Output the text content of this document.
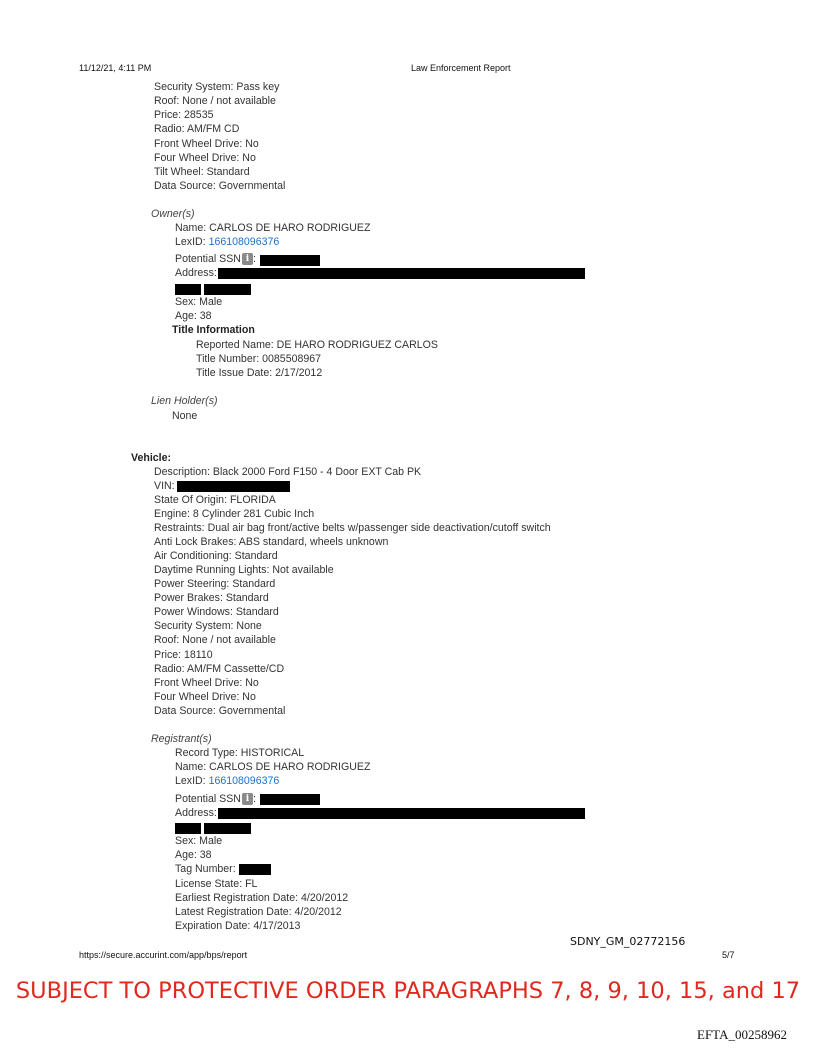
11/12/21, 4:11 PM	Law Enforcement Report
Security System: Pass key
Roof: None / not available
Price: 28535
Radio: AM/FM CD
Front Wheel Drive: No
Four Wheel Drive: No
Tilt Wheel: Standard
Data Source: Governmental
Owner(s)
Name: CARLOS DE HARO RODRIGUEZ
LexID: 166108096376
Potential SSN i :
Address:
Sex: Male
Age: 38
Title Information
Reported Name: DE HARO RODRIGUEZ CARLOS
Title Number: 0085508967
Title Issue Date: 2/17/2012
Lien Holder(s)
None
Vehicle:
Description: Black 2000 Ford F150 - 4 Door EXT Cab PK
VIN:
State Of Origin: FLORIDA
Engine: 8 Cylinder 281 Cubic Inch
Restraints: Dual air bag front/active belts w/passenger side deactivation/cutoff switch
Anti Lock Brakes: ABS standard, wheels unknown
Air Conditioning: Standard
Daytime Running Lights: Not available
Power Steering: Standard
Power Brakes: Standard
Power Windows: Standard
Security System: None
Roof: None / not available
Price: 18110
Radio: AM/FM Cassette/CD
Front Wheel Drive: No
Four Wheel Drive: No
Data Source: Governmental
Registrant(s)
Record Type: HISTORICAL
Name: CARLOS DE HARO RODRIGUEZ
LexID: 166108096376
Potential SSN i :
Address:
Sex: Male
Age: 38
Tag Number:
License State: FL
Earliest Registration Date: 4/20/2012
Latest Registration Date: 4/20/2012
Expiration Date: 4/17/2013
SDNY_GM_02772156
https://secure.accurint.com/app/bps/report	5/7
SUBJECT TO PROTECTIVE ORDER PARAGRAPHS 7, 8, 9, 10, 15, and 17
EFTA_00258962
